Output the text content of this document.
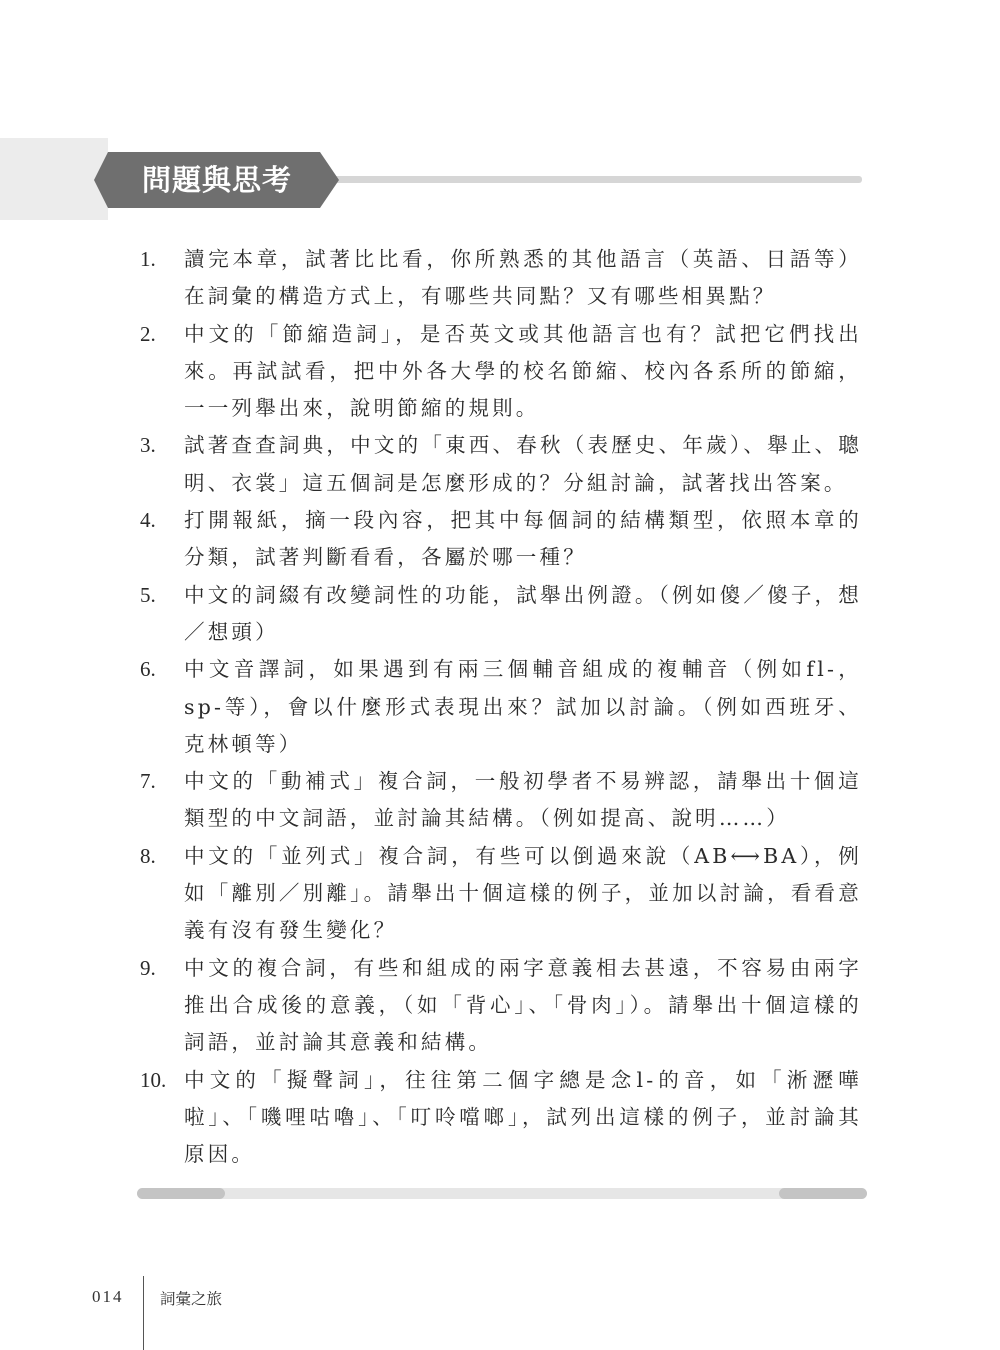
問題與思考
1.	讀完本章，試著比比看，你所熟悉的其他語言（英語、日語等）在詞彙的構造方式上，有哪些共同點？又有哪些相異點？
2.	中文的「節縮造詞」，是否英文或其他語言也有？試把它們找出來。再試試看，把中外各大學的校名節縮、校內各系所的節縮，一一列舉出來，說明節縮的規則。
3.	試著查查詞典，中文的「東西、春秋（表歷史、年歲）、舉止、聰明、衣裳」這五個詞是怎麼形成的？分組討論，試著找出答案。
4.	打開報紙，摘一段內容，把其中每個詞的結構類型，依照本章的分類，試著判斷看看，各屬於哪一種？
5.	中文的詞綴有改變詞性的功能，試舉出例證。（例如傻／傻子，想／想頭）
6.	中文音譯詞，如果遇到有兩三個輔音組成的複輔音（例如fl-，sp-等），會以什麼形式表現出來？試加以討論。（例如西班牙、克林頓等）
7.	中文的「動補式」複合詞，一般初學者不易辨認，請舉出十個這類型的中文詞語，並討論其結構。（例如提高、說明……）
8.	中文的「並列式」複合詞，有些可以倒過來說（AB⟷BA），例如「離別／別離」。請舉出十個這樣的例子，並加以討論，看看意義有沒有發生變化？
9.	中文的複合詞，有些和組成的兩字意義相去甚遠，不容易由兩字推出合成後的意義，（如「背心」、「骨肉」）。請舉出十個這樣的詞語，並討論其意義和結構。
10. 中文的「擬聲詞」，往往第二個字總是念l-的音，如「淅瀝嘩啦」、「嘰哩咕嚕」、「叮呤噹啷」，試列出這樣的例子，並討論其原因。
014 詞彙之旅
